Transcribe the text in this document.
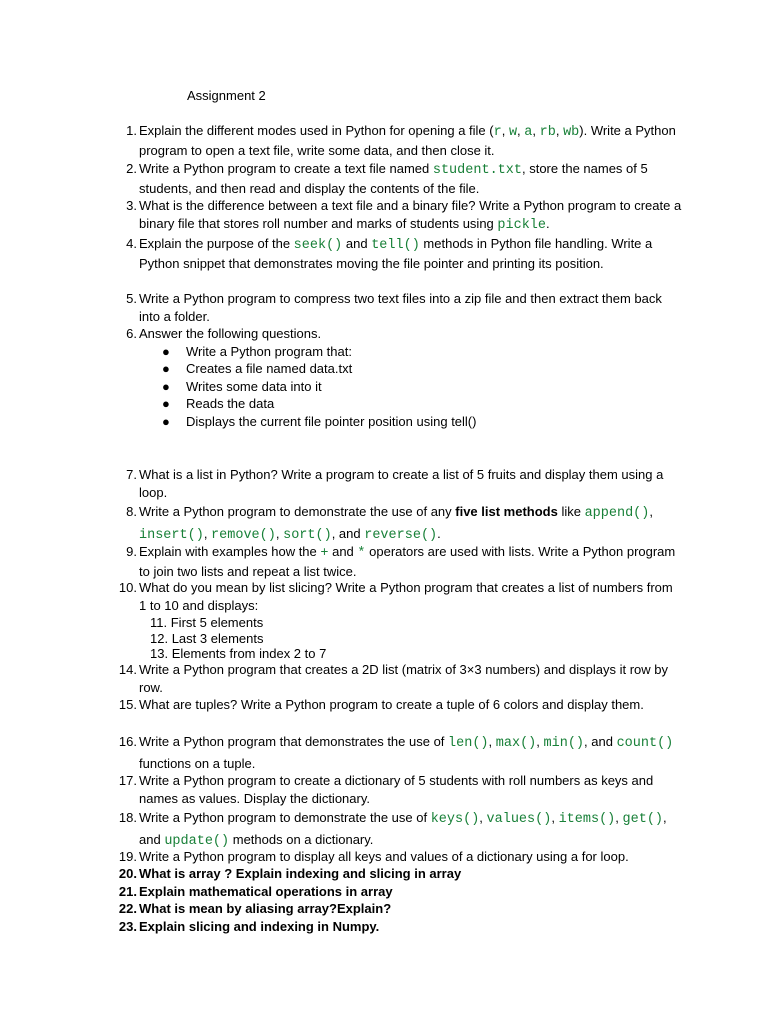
Assignment 2
1. Explain the different modes used in Python for opening a file (r, w, a, rb, wb). Write a Python program to open a text file, write some data, and then close it.
2. Write a Python program to create a text file named student.txt, store the names of 5 students, and then read and display the contents of the file.
3. What is the difference between a text file and a binary file? Write a Python program to create a binary file that stores roll number and marks of students using pickle.
4. Explain the purpose of the seek() and tell() methods in Python file handling. Write a Python snippet that demonstrates moving the file pointer and printing its position.
5. Write a Python program to compress two text files into a zip file and then extract them back into a folder.
6. Answer the following questions.
● Write a Python program that:
● Creates a file named data.txt
● Writes some data into it
● Reads the data
● Displays the current file pointer position using tell()
7. What is a list in Python? Write a program to create a list of 5 fruits and display them using a loop.
8. Write a Python program to demonstrate the use of any five list methods like append(), insert(), remove(), sort(), and reverse().
9. Explain with examples how the + and * operators are used with lists. Write a Python program to join two lists and repeat a list twice.
10. What do you mean by list slicing? Write a Python program that creates a list of numbers from 1 to 10 and displays:
11. First 5 elements
12. Last 3 elements
13. Elements from index 2 to 7
14. Write a Python program that creates a 2D list (matrix of 3×3 numbers) and displays it row by row.
15. What are tuples? Write a Python program to create a tuple of 6 colors and display them.
16. Write a Python program that demonstrates the use of len(), max(), min(), and count() functions on a tuple.
17. Write a Python program to create a dictionary of 5 students with roll numbers as keys and names as values. Display the dictionary.
18. Write a Python program to demonstrate the use of keys(), values(), items(), get(), and update() methods on a dictionary.
19. Write a Python program to display all keys and values of a dictionary using a for loop.
20. What is array ? Explain indexing and slicing in array
21. Explain mathematical operations in array
22. What is mean by aliasing array?Explain?
23. Explain slicing and indexing in Numpy.
